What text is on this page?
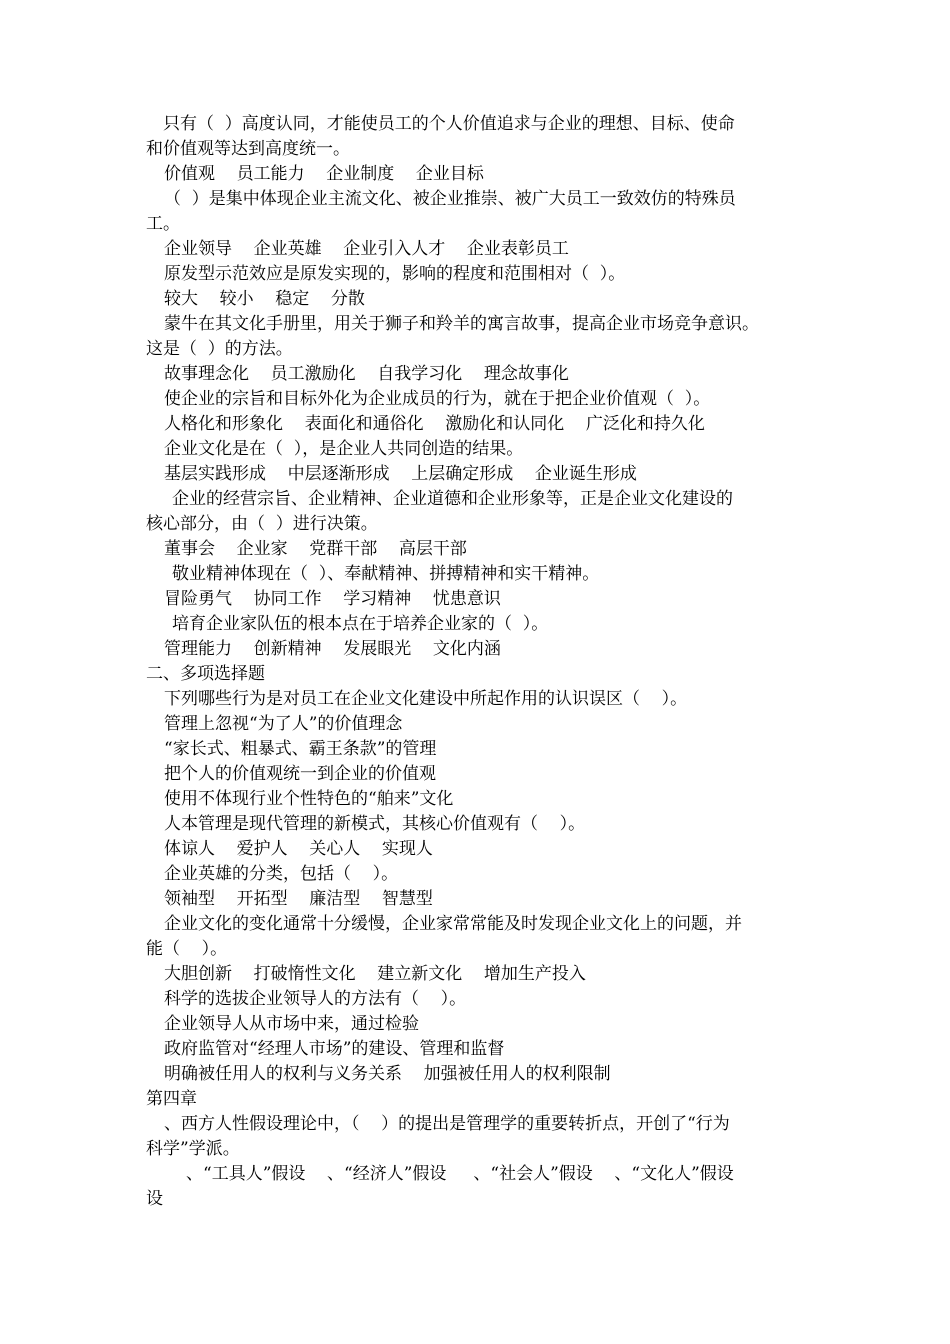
　只有（  ）高度认同，才能使员工的个人价值追求与企业的理想、目标、使命

和价值观等达到高度统一。

价值观    员工能力    企业制度    企业目标

（  ）是集中体现企业主流文化、被企业推崇、被广大员工一致效仿的特殊员

工。

企业领导    企业英雄    企业引入人才    企业表彰员工

原发型示范效应是原发实现的，影响的程度和范围相对（  ）。

较大    较小    稳定    分散

蒙牛在其文化手册里，用关于狮子和羚羊的寓言故事，提高企业市场竞争意识。

这是（  ）的方法。

故事理念化    员工激励化    自我学习化    理念故事化

使企业的宗旨和目标外化为企业成员的行为，就在于把企业价值观（  ）。

人格化和形象化    表面化和通俗化    激励化和认同化    广泛化和持久化

企业文化是在（  ），是企业人共同创造的结果。

基层实践形成    中层逐渐形成    上层确定形成    企业诞生形成

企业的经营宗旨、企业精神、企业道德和企业形象等，正是企业文化建设的

核心部分，由（  ）进行决策。

董事会    企业家    党群干部    高层干部

敬业精神体现在（  ）、奉献精神、拼搏精神和实干精神。

冒险勇气    协同工作    学习精神    忧患意识

培育企业家队伍的根本点在于培养企业家的（  ）。

管理能力    创新精神    发展眼光    文化内涵

二、多项选择题

下列哪些行为是对员工在企业文化建设中所起作用的认识误区（    ）。

管理上忽视“为了人”的价值理念

“家长式、粗暴式、霸王条款”的管理

把个人的价值观统一到企业的价值观

使用不体现行业个性特色的“舶来”文化

人本管理是现代管理的新模式，其核心价值观有（    ）。

体谅人    爱护人    关心人    实现人

企业英雄的分类，包括（    ）。

领袖型    开拓型    廉洁型    智慧型

企业文化的变化通常十分缓慢，企业家常常能及时发现企业文化上的问题，并

能（    ）。

大胆创新    打破惰性文化    建立新文化    增加生产投入

科学的选拔企业领导人的方法有（    ）。

企业领导人从市场中来，通过检验

政府监管对“经理人市场”的建设、管理和监督

明确被任用人的权利与义务关系    加强被任用人的权利限制

第四章

、西方人性假设理论中，（    ）的提出是管理学的重要转折点，开创了“行为

科学”学派。

、“工具人”假设    、“经济人”假设     、“社会人”假设    、“文化人”假设

设
